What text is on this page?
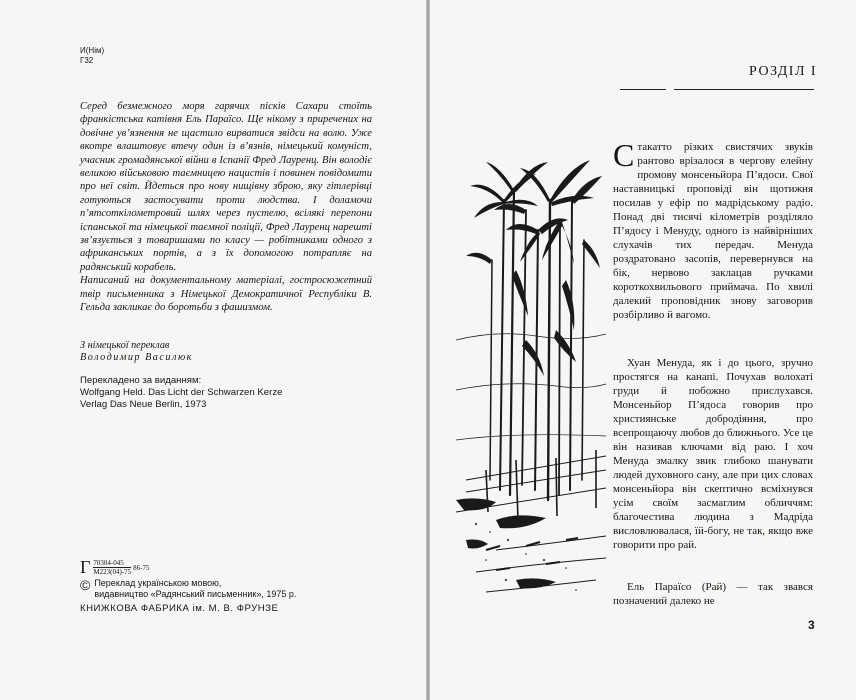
И(Нім)
Г32

Серед безмежного моря гарячих пісків Сахари стоїть франкістська катівня Ель Параїсо. Ще нікому з приречених на довічне ув’язнення не щастило вирватися звідси на волю. Уже вкотре влаштовує втечу один із в’язнів, німецький комуніст, учасник громадянської війни в Іспанії Фред Лауренц. Він володіє великою військовою таємницею нацистів і повинен повідомити про неї світ. Йдеться про нову нищівну зброю, яку гітлерівці готуються застосувати проти людства. І доламочи п’ятсоткілометровий шлях через пустелю, всілякі перепони іспанської та німецької таємної поліції, Фред Лауренц нарешті зв’язується з товаришами по класу — робітниками одного з африканських портів, а з їх допомогою потрапляє на радянський корабель.

Написаний на документальному матеріалі, гостросюжетний твір письменника з Німецької Демократичної Республіки В. Гельда закликає до боротьби з фашизмом.

З німецької переклав
Володимир Василюк
Перекладено за виданням:
Wolfgang Held. Das Licht der Schwarzen Kerze
Verlag Das Neue Berlin, 1973
Г $\frac{70304-045}{М223(04)-75} 86-75$
© Переклад українською мовою,
видавництво «Радянський письменник», 1975 р.
КНИЖКОВА ФАБРИКА ім. М. В. ФРУНЗЕ
РОЗДІЛ I

Стакатто різких свистячих звуків рантово врізалося в чергову елейну промову монсеньйора П’ядоси. Свої наставницькі проповіді він щотижня посилав у ефір по мадрідському радіо. Понад дві тисячі кілометрів розділяло П’ядосу і Менуду, одного із найвірніших слухачів тих передач. Менуда роздратовано засопів, перевернувся на бік, нервово заклацав ручками короткохвильового приймача. По хвилі далекий проповідник знову заговорив розбірливо й вагомо.

Хуан Менуда, як і до цього, зручно простягся на канапі. Почухав волохаті груди й побожно прислухався. Монсеньйор П’ядоса говорив про християнське добродіяння, про всепрощаючу любов до ближнього. Усе це він називав ключами від раю. І хоч Менуда змалку звик глибоко шанувати людей духовного сану, але при цих словах монсеньйора він скептично всміхнувся усім своїм засмаглим обличчям: благочестива людина з Мадріда висловлювалася, їй-богу, не так, якщо вже говорити про рай.

Ель Параїсо (Рай) — так звався позначений далеко не

3
